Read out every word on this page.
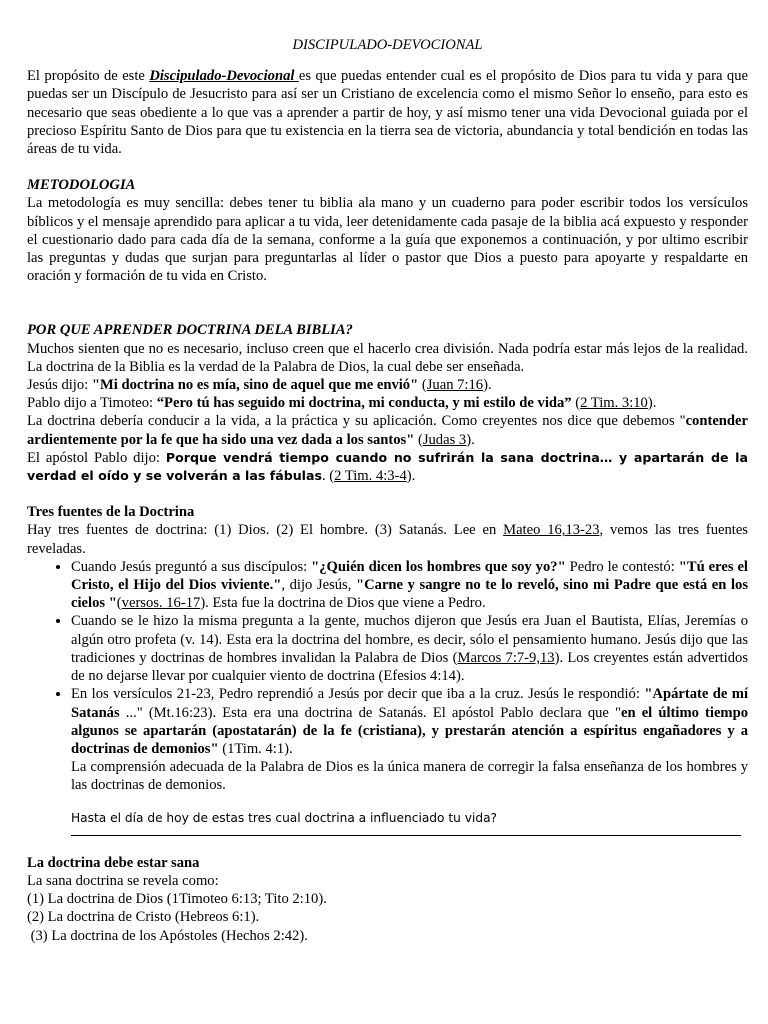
DISCIPULADO-DEVOCIONAL

El propósito de este Discipulado-Devocional es que puedas entender cual es el propósito de Dios para tu vida y para que puedas ser un Discípulo de Jesucristo para así ser un Cristiano de excelencia como el mismo Señor lo enseño, para esto es necesario que seas obediente a lo que vas a aprender a partir de hoy, y así mismo tener una vida Devocional guiada por el precioso Espíritu Santo de Dios para que tu existencia en la tierra sea de victoria, abundancia y total bendición en todas las áreas de tu vida.

METODOLOGIA

La metodología es muy sencilla: debes tener tu biblia ala mano y un cuaderno para poder escribir todos los versículos bíblicos y el mensaje aprendido para aplicar a tu vida, leer detenidamente cada pasaje de la biblia acá expuesto y responder el cuestionario dado para cada día de la semana, conforme a la guía que exponemos a continuación, y por ultimo escribir las preguntas y dudas que surjan para preguntarlas al líder o pastor que Dios a puesto para apoyarte y respaldarte en oración y formación de tu vida en Cristo.

POR QUE APRENDER DOCTRINA DELA BIBLIA?

Muchos sienten que no es necesario, incluso creen que el hacerlo crea división. Nada podría estar más lejos de la realidad. La doctrina de la Biblia es la verdad de la Palabra de Dios, la cual debe ser enseñada.

Jesús dijo: "Mi doctrina no es mía, sino de aquel que me envió" (Juan 7:16).

Pablo dijo a Timoteo: “Pero tú has seguido mi doctrina, mi conducta, y mi estilo de vida” (2 Tim. 3:10).

La doctrina debería conducir a la vida, a la práctica y su aplicación. Como creyentes nos dice que debemos "contender ardientemente por la fe que ha sido una vez dada a los santos" (Judas 3).

El apóstol Pablo dijo: Porque vendrá tiempo cuando no sufrirán la sana doctrina… y apartarán de la verdad el oído y se volverán a las fábulas. (2 Tim. 4:3-4).

Tres fuentes de la Doctrina

Hay tres fuentes de doctrina: (1) Dios. (2) El hombre. (3) Satanás. Lee en Mateo 16,13-23, vemos las tres fuentes reveladas.

• Cuando Jesús preguntó a sus discípulos: "¿Quién dicen los hombres que soy yo?" Pedro le contestó: "Tú eres el Cristo, el Hijo del Dios viviente.", dijo Jesús, "Carne y sangre no te lo reveló, sino mi Padre que está en los cielos "(versos. 16-17). Esta fue la doctrina de Dios que viene a Pedro.
• Cuando se le hizo la misma pregunta a la gente, muchos dijeron que Jesús era Juan el Bautista, Elías, Jeremías o algún otro profeta (v. 14). Esta era la doctrina del hombre, es decir, sólo el pensamiento humano. Jesús dijo que las tradiciones y doctrinas de hombres invalidan la Palabra de Dios (Marcos 7:7-9,13). Los creyentes están advertidos de no dejarse llevar por cualquier viento de doctrina (Efesios 4:14).
• En los versículos 21-23, Pedro reprendió a Jesús por decir que iba a la cruz. Jesús le respondió: "Apártate de mí Satanás ..." (Mt.16:23). Esta era una doctrina de Satanás. El apóstol Pablo declara que "en el último tiempo algunos se apartarán (apostatarán) de la fe (cristiana), y prestarán atención a espíritus engañadores y a doctrinas de demonios" (1Tim. 4:1).

La comprensión adecuada de la Palabra de Dios es la única manera de corregir la falsa enseñanza de los hombres y las doctrinas de demonios.

Hasta el día de hoy de estas tres cual doctrina a influenciado tu vida?

La doctrina debe estar sana

La sana doctrina se revela como:

(1) La doctrina de Dios (1Timoteo 6:13; Tito 2:10).

(2) La doctrina de Cristo (Hebreos 6:1).

(3) La doctrina de los Apóstoles (Hechos 2:42).
